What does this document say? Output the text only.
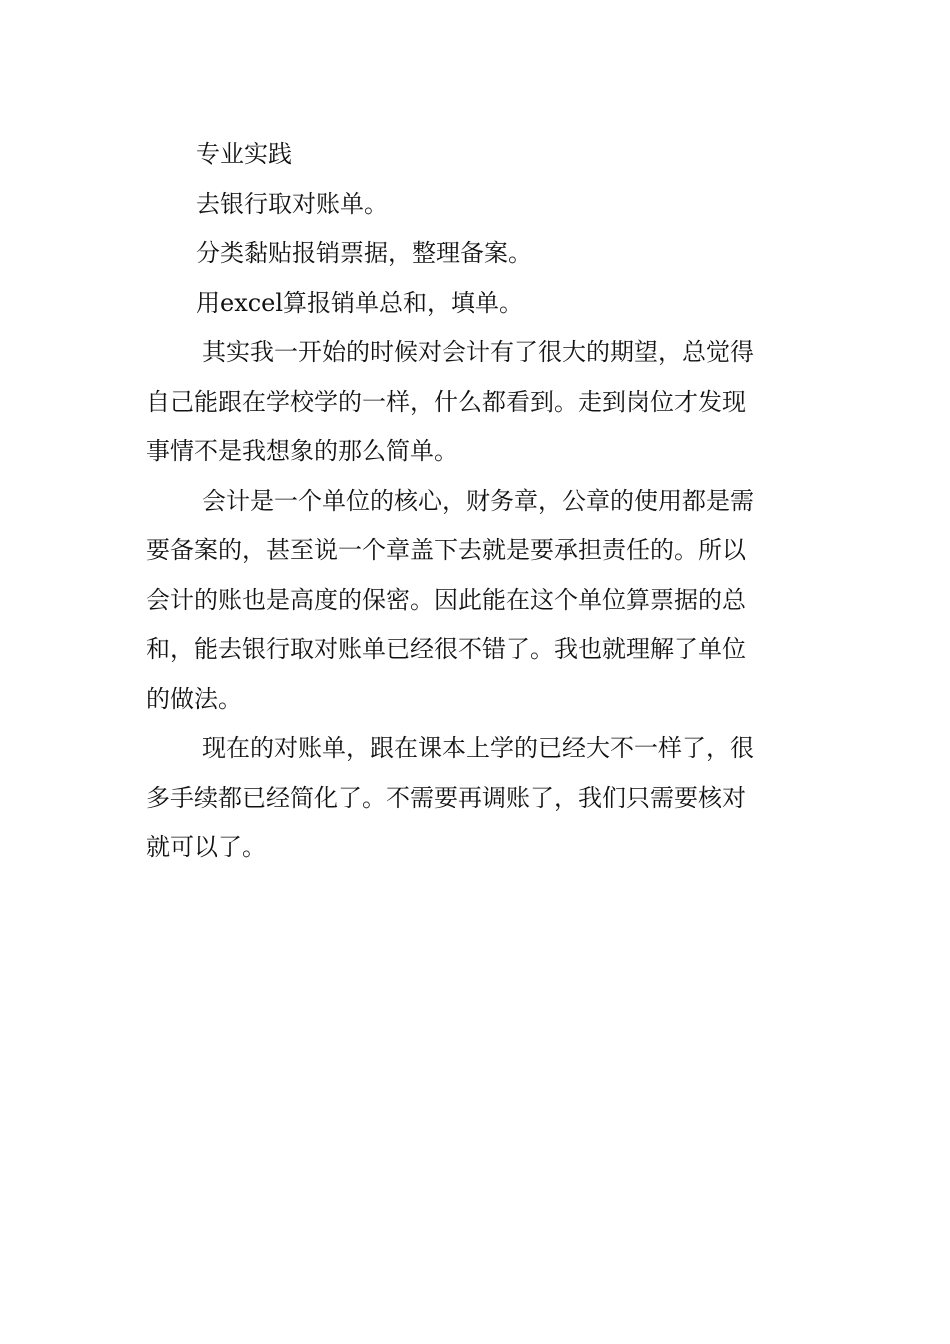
专业实践

去银行取对账单。

分类黏贴报销票据，整理备案。

用excel算报销单总和，填单。

其实我一开始的时候对会计有了很大的期望，总觉得
自己能跟在学校学的一样，什么都看到。走到岗位才发现
事情不是我想象的那么简单。
会计是一个单位的核心，财务章，公章的使用都是需
要备案的，甚至说一个章盖下去就是要承担责任的。所以
会计的账也是高度的保密。因此能在这个单位算票据的总
和，能去银行取对账单已经很不错了。我也就理解了单位
的做法。
现在的对账单，跟在课本上学的已经大不一样了，很
多手续都已经简化了。不需要再调账了，我们只需要核对
就可以了。
